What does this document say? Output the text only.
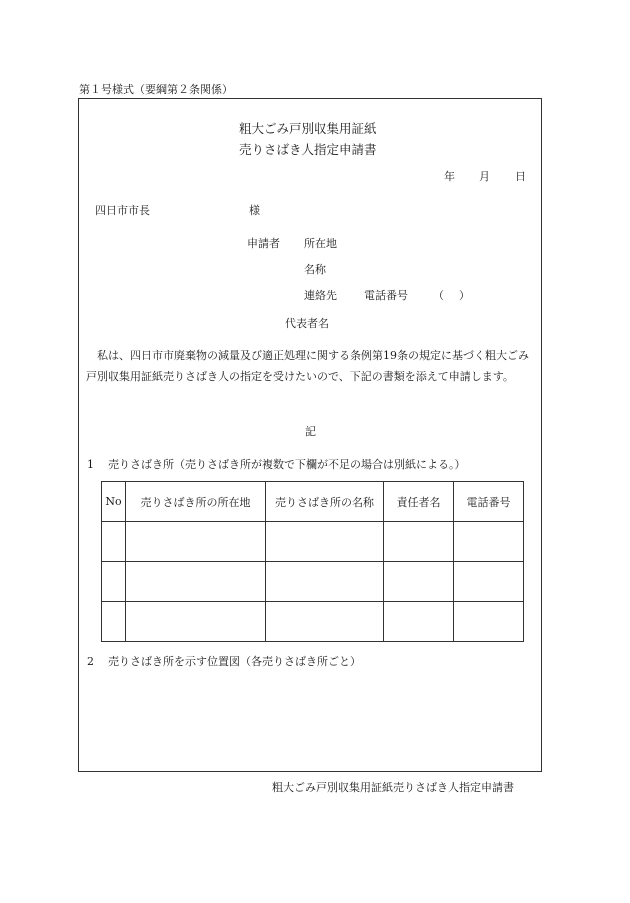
第１号様式（要綱第２条関係）
粗大ごみ戸別収集用証紙
売りさばき人指定申請書
年 月 日
四日市市長	様
申請者 所在地
名称
連絡先 電話番号 （ ）
代表者名
私は、四日市市廃棄物の減量及び適正処理に関する条例第19条の規定に基づく粗大ごみ戸別収集用証紙売りさばき人の指定を受けたいので、下記の書類を添えて申請します。
記
1 売りさばき所（売りさばき所が複数で下欄が不足の場合は別紙による。）
No	売りさばき所の所在地	売りさばき所の名称	責任者名	電話番号

2 売りさばき所を示す位置図（各売りさばき所ごと）
粗大ごみ戸別収集用証紙売りさばき人指定申請書
